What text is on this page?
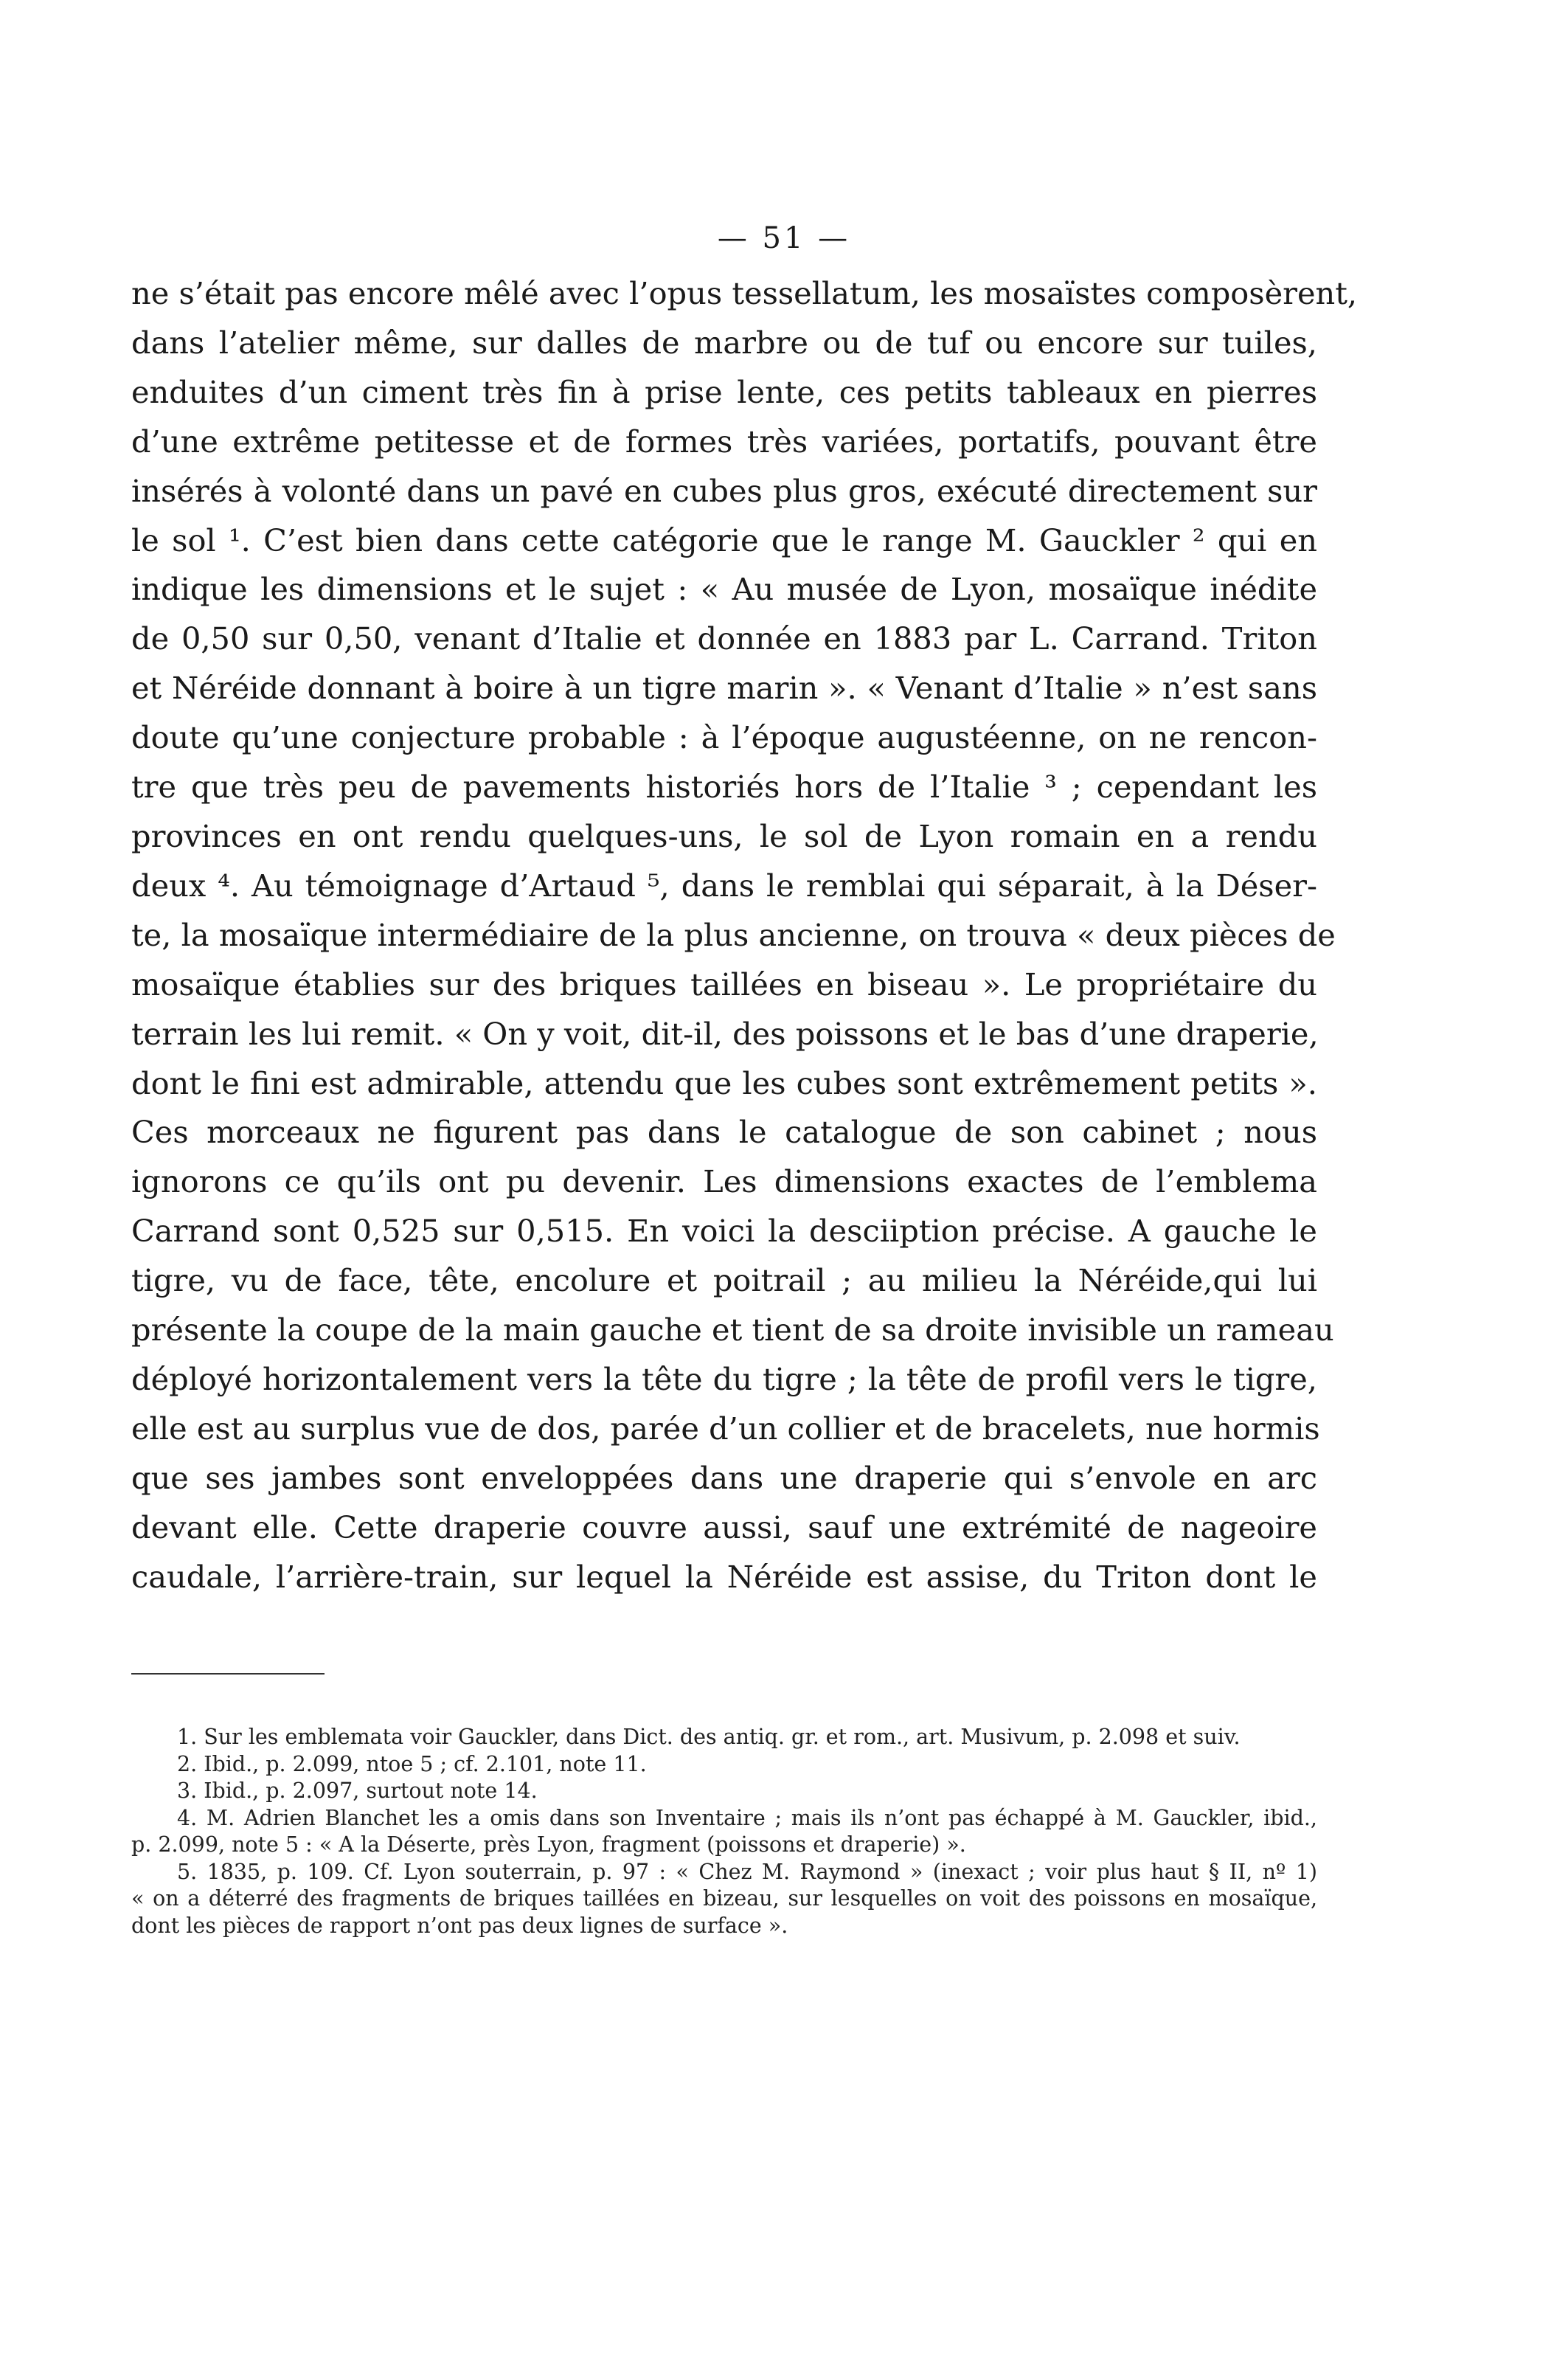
— 51 —
ne s’était pas encore mêlé avec l’opus tessellatum, les mosaïstes composèrent,
dans l’atelier même, sur dalles de marbre ou de tuf ou encore sur tuiles,
enduites d’un ciment très fin à prise lente, ces petits tableaux en pierres
d’une extrême petitesse et de formes très variées, portatifs, pouvant être
insérés à volonté dans un pavé en cubes plus gros, exécuté directement sur
le sol ¹. C’est bien dans cette catégorie que le range M. Gauckler ² qui en
indique les dimensions et le sujet : « Au musée de Lyon, mosaïque inédite
de 0,50 sur 0,50, venant d’Italie et donnée en 1883 par L. Carrand. Triton
et Néréide donnant à boire à un tigre marin ». « Venant d’Italie » n’est sans
doute qu’une conjecture probable : à l’époque augustéenne, on ne rencon-
tre que très peu de pavements historiés hors de l’Italie ³ ; cependant les
provinces en ont rendu quelques-uns, le sol de Lyon romain en a rendu
deux ⁴. Au témoignage d’Artaud ⁵, dans le remblai qui séparait, à la Déser-
te, la mosaïque intermédiaire de la plus ancienne, on trouva « deux pièces de
mosaïque établies sur des briques taillées en biseau ». Le propriétaire du
terrain les lui remit. « On y voit, dit-il, des poissons et le bas d’une draperie,
dont le fini est admirable, attendu que les cubes sont extrêmement petits ».
Ces morceaux ne figurent pas dans le catalogue de son cabinet ; nous
ignorons ce qu’ils ont pu devenir. Les dimensions exactes de l’emblema
Carrand sont 0,525 sur 0,515. En voici la desciiption précise. A gauche le
tigre, vu de face, tête, encolure et poitrail ; au milieu la Néréide,qui lui
présente la coupe de la main gauche et tient de sa droite invisible un rameau
déployé horizontalement vers la tête du tigre ; la tête de profil vers le tigre,
elle est au surplus vue de dos, parée d’un collier et de bracelets, nue hormis
que ses jambes sont enveloppées dans une draperie qui s’envole en arc
devant elle. Cette draperie couvre aussi, sauf une extrémité de nageoire
caudale, l’arrière-train, sur lequel la Néréide est assise, du Triton dont le
1. Sur les emblemata voir Gauckler, dans Dict. des antiq. gr. et rom., art. Musivum, p. 2.098 et suiv.
2. Ibid., p. 2.099, ntoe 5 ; cf. 2.101, note 11.
3. Ibid., p. 2.097, surtout note 14.
4. M. Adrien Blanchet les a omis dans son Inventaire ; mais ils n’ont pas échappé à M. Gauckler, ibid.,
p. 2.099, note 5 : « A la Déserte, près Lyon, fragment (poissons et draperie) ».
5. 1835, p. 109. Cf. Lyon souterrain, p. 97 : « Chez M. Raymond » (inexact ; voir plus haut § II, nº 1)
« on a déterré des fragments de briques taillées en bizeau, sur lesquelles on voit des poissons en mosaïque,
dont les pièces de rapport n’ont pas deux lignes de surface ».
